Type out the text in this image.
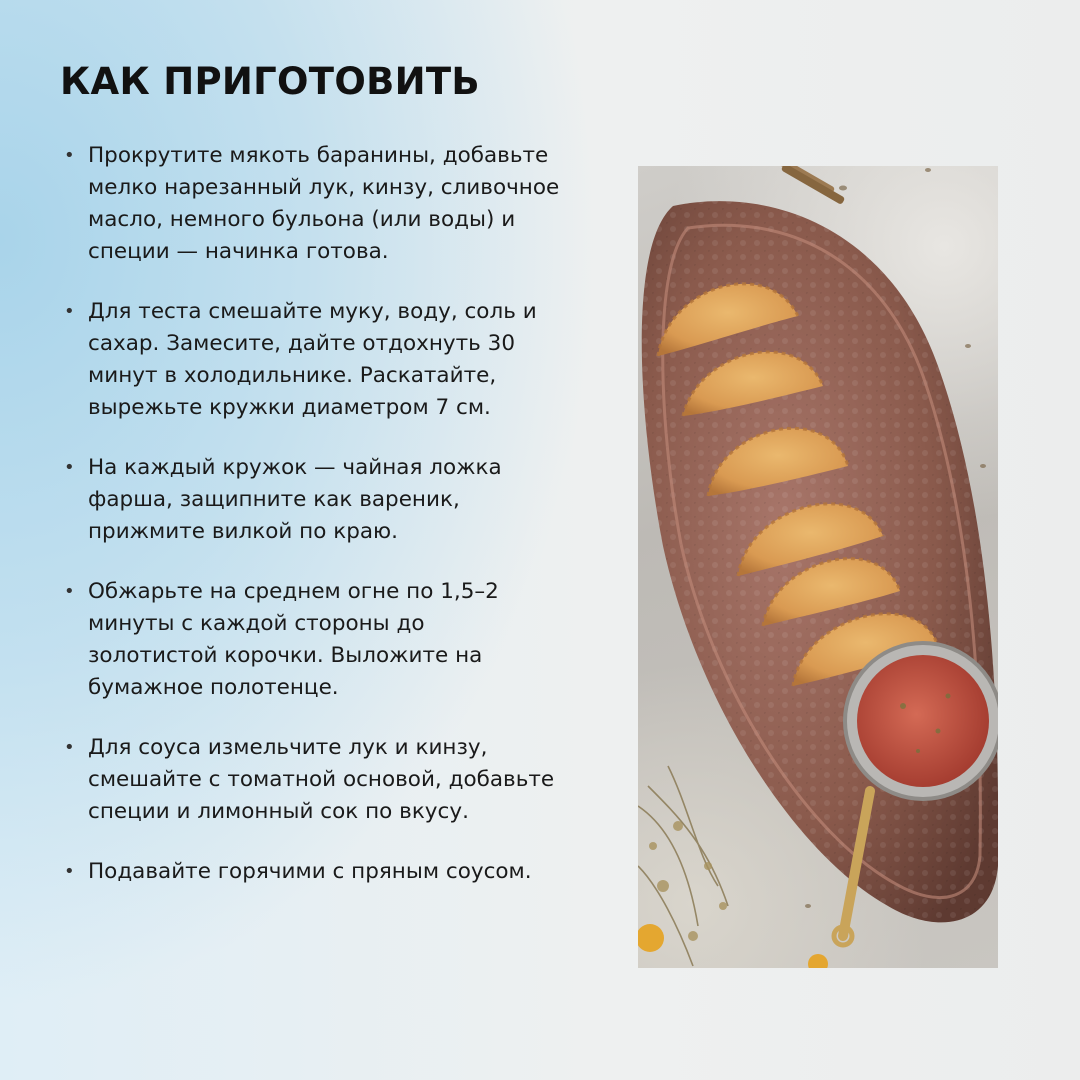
КАК ПРИГОТОВИТЬ
• Прокрутите мякоть баранины, добавьте мелко нарезанный лук, кинзу, сливочное масло, немного бульона (или воды) и специи — начинка готова.
• Для теста смешайте муку, воду, соль и сахар. Замесите, дайте отдохнуть 30 минут в холодильнике. Раскатайте, вырежьте кружки диаметром 7 см.
• На каждый кружок — чайная ложка фарша, защипните как вареник, прижмите вилкой по краю.
• Обжарьте на среднем огне по 1,5–2 минуты с каждой стороны до золотистой корочки. Выложите на бумажное полотенце.
• Для соуса измельчите лук и кинзу, смешайте с томатной основой, добавьте специи и лимонный сок по вкусу.
• Подавайте горячими с пряным соусом.
